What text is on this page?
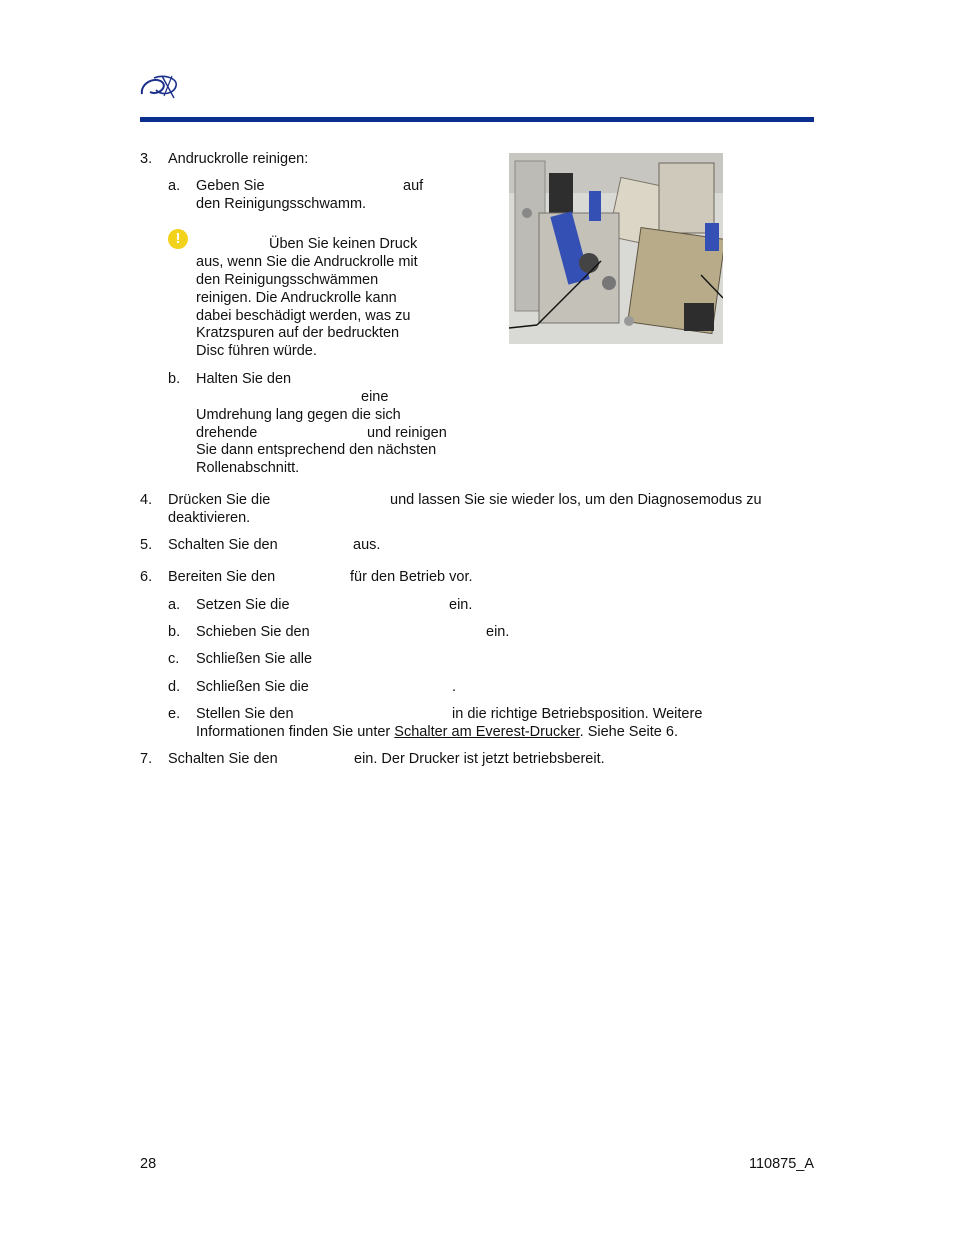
3. Andruckrolle reinigen:
a. Geben Sie	auf
den Reinigungsschwamm.
!	Üben Sie keinen Druck
aus, wenn Sie die Andruckrolle mit
den Reinigungsschwämmen
reinigen. Die Andruckrolle kann
dabei beschädigt werden, was zu
Kratzspuren auf der bedruckten
Disc führen würde.
b. Halten Sie den
eine
Umdrehung lang gegen die sich
drehende	und reinigen
Sie dann entsprechend den nächsten
Rollenabschnitt.
4. Drücken Sie die	und lassen Sie sie wieder los, um den Diagnosemodus zu
deaktivieren.
5. Schalten Sie den	aus.
6. Bereiten Sie den	für den Betrieb vor.
a. Setzen Sie die	ein.
b. Schieben Sie den	ein.
c. Schließen Sie alle
d. Schließen Sie die	.
e. Stellen Sie den	in die richtige Betriebsposition. Weitere
Informationen finden Sie unter Schalter am Everest-Drucker. Siehe Seite 6.
7. Schalten Sie den	ein. Der Drucker ist jetzt betriebsbereit.
28	110875_A
